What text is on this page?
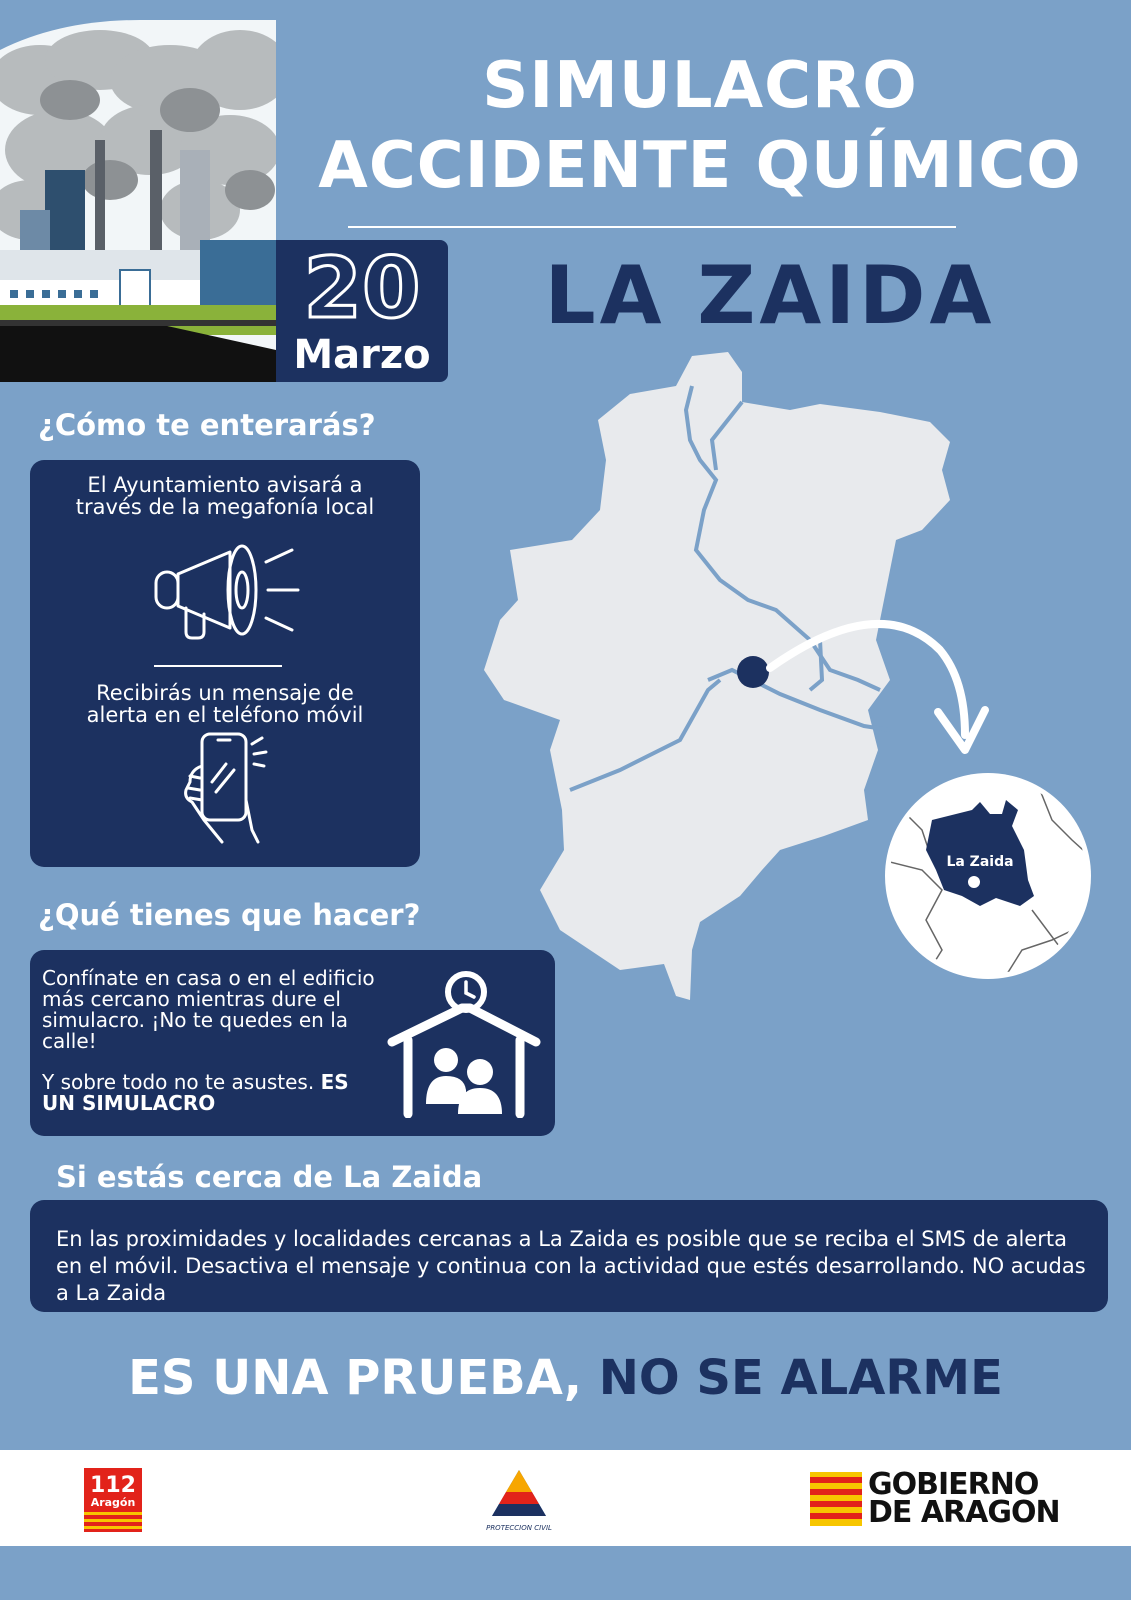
SIMULACRO
ACCIDENTE QUÍMICO
LA ZAIDA
20
Marzo
¿Cómo te enterarás?
El Ayuntamiento avisará a través de la megafonía local
Recibirás un mensaje de alerta en el teléfono móvil
¿Qué tienes que hacer?
Confínate en casa o en el edificio más cercano mientras dure el simulacro. ¡No te quedes en la calle!
Y sobre todo no te asustes. ES UN SIMULACRO
La Zaida
Si estás cerca de La Zaida
En las proximidades y localidades cercanas a La Zaida es posible que se reciba el SMS de alerta en el móvil. Desactiva el mensaje y continua con la actividad que estés desarrollando. NO acudas a La Zaida
ES UNA PRUEBA, NO SE ALARME
112
Aragón
PROTECCION CIVIL
GOBIERNO
DE ARAGON
